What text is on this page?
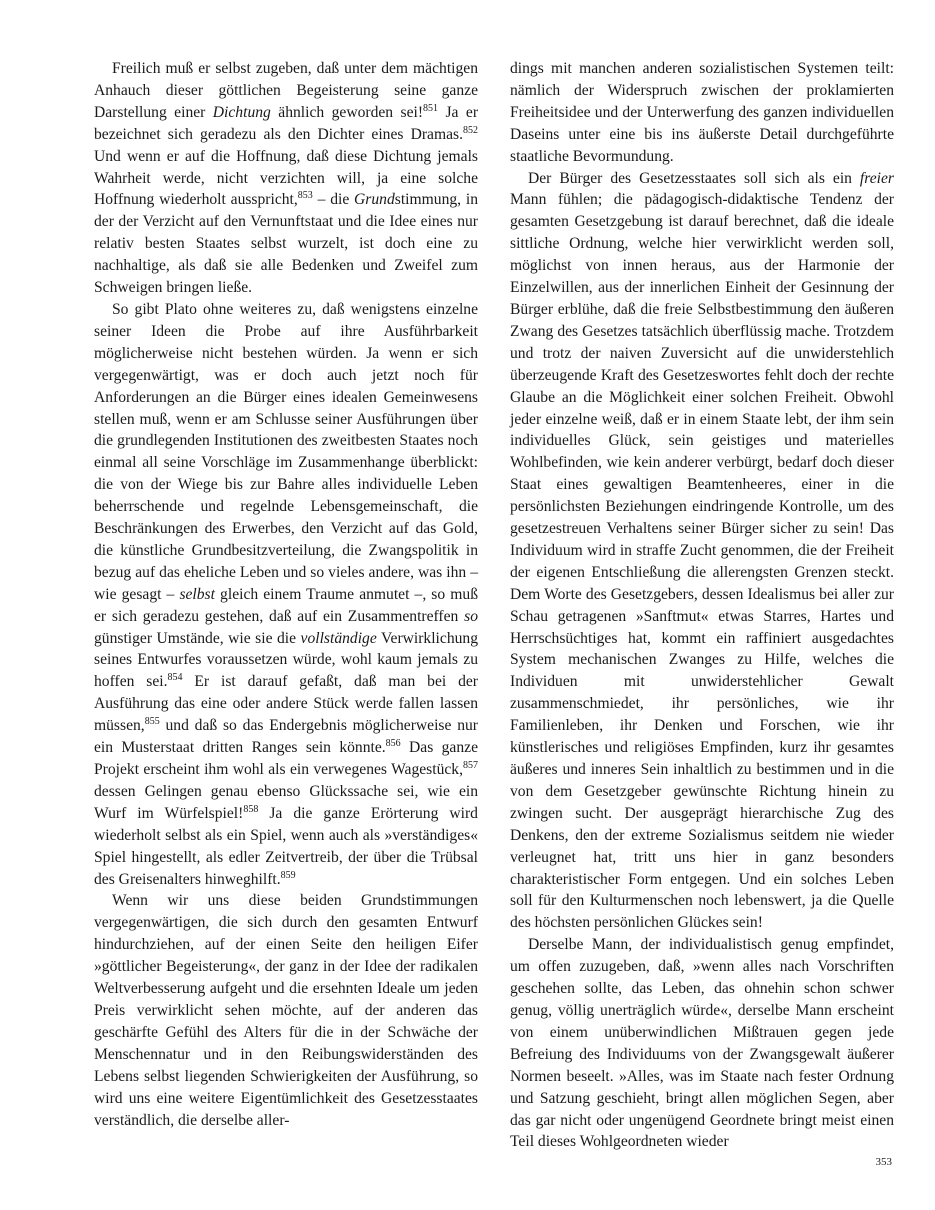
Freilich muß er selbst zugeben, daß unter dem mächtigen Anhauch dieser göttlichen Begeisterung seine ganze Darstellung einer Dichtung ähnlich geworden sei!$^{851}$ Ja er bezeichnet sich geradezu als den Dichter eines Dramas.$^{852}$ Und wenn er auf die Hoffnung, daß diese Dichtung jemals Wahrheit werde, nicht verzichten will, ja eine solche Hoffnung wiederholt ausspricht,$^{853}$ – die Grundstimmung, in der der Verzicht auf den Vernunftstaat und die Idee eines nur relativ besten Staates selbst wurzelt, ist doch eine zu nachhaltige, als daß sie alle Bedenken und Zweifel zum Schweigen bringen ließe.

So gibt Plato ohne weiteres zu, daß wenigstens einzelne seiner Ideen die Probe auf ihre Ausführbarkeit möglicherweise nicht bestehen würden. Ja wenn er sich vergegenwärtigt, was er doch auch jetzt noch für Anforderungen an die Bürger eines idealen Gemeinwesens stellen muß, wenn er am Schlusse seiner Ausführungen über die grundlegenden Institutionen des zweitbesten Staates noch einmal all seine Vorschläge im Zusammenhange überblickt: die von der Wiege bis zur Bahre alles individuelle Leben beherrschende und regelnde Lebensgemeinschaft, die Beschränkungen des Erwerbes, den Verzicht auf das Gold, die künstliche Grundbesitzverteilung, die Zwangspolitik in bezug auf das eheliche Leben und so vieles andere, was ihn – wie gesagt – selbst gleich einem Traume anmutet –, so muß er sich geradezu gestehen, daß auf ein Zusammentreffen so günstiger Umstände, wie sie die vollständige Verwirklichung seines Entwurfes voraussetzen würde, wohl kaum jemals zu hoffen sei.$^{854}$ Er ist darauf gefaßt, daß man bei der Ausführung das eine oder andere Stück werde fallen lassen müssen,$^{855}$ und daß so das Endergebnis möglicherweise nur ein Musterstaat dritten Ranges sein könnte.$^{856}$ Das ganze Projekt erscheint ihm wohl als ein verwegenes Wagestück,$^{857}$ dessen Gelingen genau ebenso Glückssache sei, wie ein Wurf im Würfelspiel!$^{858}$ Ja die ganze Erörterung wird wiederholt selbst als ein Spiel, wenn auch als »verständiges« Spiel hingestellt, als edler Zeitvertreib, der über die Trübsal des Greisenalters hinweghilft.$^{859}$

Wenn wir uns diese beiden Grundstimmungen vergegenwärtigen, die sich durch den gesamten Entwurf hindurchziehen, auf der einen Seite den heiligen Eifer »göttlicher Begeisterung«, der ganz in der Idee der radikalen Weltverbesserung aufgeht und die ersehnten Ideale um jeden Preis verwirklicht sehen möchte, auf der anderen das geschärfte Gefühl des Alters für die in der Schwäche der Menschennatur und in den Reibungswiderständen des Lebens selbst liegenden Schwierigkeiten der Ausführung, so wird uns eine weitere Eigentümlichkeit des Gesetzesstaates verständlich, die derselbe aller-

dings mit manchen anderen sozialistischen Systemen teilt: nämlich der Widerspruch zwischen der proklamierten Freiheitsidee und der Unterwerfung des ganzen individuellen Daseins unter eine bis ins äußerste Detail durchgeführte staatliche Bevormundung.

Der Bürger des Gesetzesstaates soll sich als ein freier Mann fühlen; die pädagogisch-didaktische Tendenz der gesamten Gesetzgebung ist darauf berechnet, daß die ideale sittliche Ordnung, welche hier verwirklicht werden soll, möglichst von innen heraus, aus der Harmonie der Einzelwillen, aus der innerlichen Einheit der Gesinnung der Bürger erblühe, daß die freie Selbstbestimmung den äußeren Zwang des Gesetzes tatsächlich überflüssig mache. Trotzdem und trotz der naiven Zuversicht auf die unwiderstehlich überzeugende Kraft des Gesetzeswortes fehlt doch der rechte Glaube an die Möglichkeit einer solchen Freiheit. Obwohl jeder einzelne weiß, daß er in einem Staate lebt, der ihm sein individuelles Glück, sein geistiges und materielles Wohlbefinden, wie kein anderer verbürgt, bedarf doch dieser Staat eines gewaltigen Beamtenheeres, einer in die persönlichsten Beziehungen eindringende Kontrolle, um des gesetzestreuen Verhaltens seiner Bürger sicher zu sein! Das Individuum wird in straffe Zucht genommen, die der Freiheit der eigenen Entschließung die allerengsten Grenzen steckt. Dem Worte des Gesetzgebers, dessen Idealismus bei aller zur Schau getragenen »Sanftmut« etwas Starres, Hartes und Herrschsüchtiges hat, kommt ein raffiniert ausgedachtes System mechanischen Zwanges zu Hilfe, welches die Individuen mit unwiderstehlicher Gewalt zusammenschmiedet, ihr persönliches, wie ihr Familienleben, ihr Denken und Forschen, wie ihr künstlerisches und religiöses Empfinden, kurz ihr gesamtes äußeres und inneres Sein inhaltlich zu bestimmen und in die von dem Gesetzgeber gewünschte Richtung hinein zu zwingen sucht. Der ausgeprägt hierarchische Zug des Denkens, den der extreme Sozialismus seitdem nie wieder verleugnet hat, tritt uns hier in ganz besonders charakteristischer Form entgegen. Und ein solches Leben soll für den Kulturmenschen noch lebenswert, ja die Quelle des höchsten persönlichen Glückes sein!

Derselbe Mann, der individualistisch genug empfindet, um offen zuzugeben, daß, »wenn alles nach Vorschriften geschehen sollte, das Leben, das ohnehin schon schwer genug, völlig unerträglich würde«, derselbe Mann erscheint von einem unüberwindlichen Mißtrauen gegen jede Befreiung des Individuums von der Zwangsgewalt äußerer Normen beseelt. »Alles, was im Staate nach fester Ordnung und Satzung geschieht, bringt allen möglichen Segen, aber das gar nicht oder ungenügend Geordnete bringt meist einen Teil dieses Wohlgeordneten wieder

353
